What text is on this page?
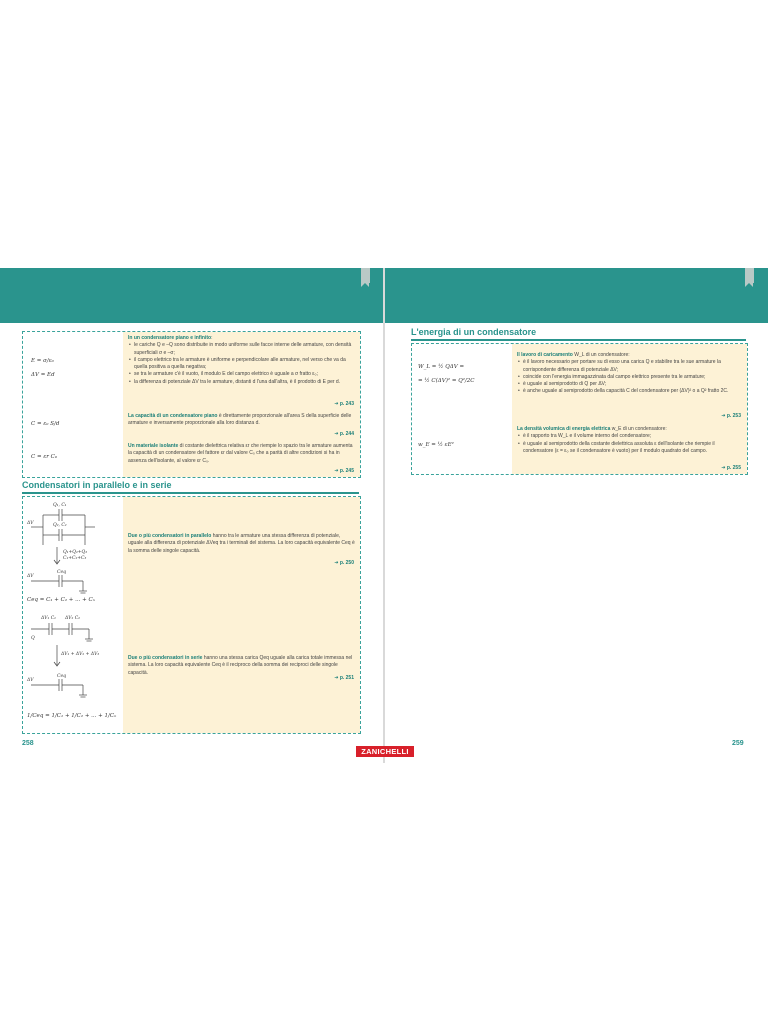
E = σ/ε₀
ΔV = Ed
In un condensatore piano e infinito:
• le cariche Q e –Q sono distribuite in modo uniforme sulle facce interne delle armature, con densità superficiali σ e –σ;
• il campo elettrico tra le armature è uniforme e perpendicolare alle armature, nel verso che va da quella positiva a quella negativa;
• se tra le armature c'è il vuoto, il modulo E del campo elettrico è uguale a σ fratto ε₀;
• la differenza di potenziale ΔV tra le armature, distanti d l'una dall'altra, è il prodotto di E per d.
➜ p. 243
C = ε₀ S/d
La capacità di un condensatore piano è direttamente proporzionale all'area S della superficie delle armature e inversamente proporzionale alla loro distanza d.
➜ p. 244
C = εr C₀
Un materiale isolante di costante dielettrica relativa εr che riempie lo spazio tra le armature aumenta la capacità di un condensatore del fattore εr dal valore C₀ che a parità di altre condizioni si ha in assenza dell'isolante, al valore εr C₀.
➜ p. 245
Condensatori in parallelo e in serie
Q₁, C₁
Q₂, C₂
ΔV
Q₁+Q₂+Q₃
C₁+C₂+C₃
ΔV
Ceq
Ceq = C₁ + C₂ + ... + Cₙ
Due o più condensatori in parallelo hanno tra le armature una stessa differenza di potenziale, uguale alla differenza di potenziale ΔVeq tra i terminali del sistema. La loro capacità equivalente Ceq è la somma delle singole capacità.
➜ p. 250
ΔV₁ C₁ ΔV₂ C₂
Q
ΔV₁ + ΔV₂ + ΔV₃
ΔV
Ceq
1/Ceq = 1/C₁ + 1/C₂ + ... + 1/Cₙ
Due o più condensatori in serie hanno una stessa carica Qeq uguale alla carica totale immessa nel sistema. La loro capacità equivalente Ceq è il reciproco della somma dei reciproci delle singole capacità.
➜ p. 251
258
L'energia di un condensatore
W_L = ½ QΔV =
= ½ C(ΔV)² = Q²/2C
Il lavoro di caricamento W_L di un condensatore:
• è il lavoro necessario per portare su di esso una carica Q e stabilire tra le sue armature la corrispondente differenza di potenziale ΔV;
• coincide con l'energia immagazzinata dal campo elettrico presente tra le armature;
• è uguale al semiprodotto di Q per ΔV;
• è anche uguale al semiprodotto della capacità C del condensatore per (ΔV)² o a Q² fratto 2C.
➜ p. 253
w_E = ½ εE²
La densità volumica di energia elettrica w_E di un condensatore:
• è il rapporto tra W_L e il volume interno del condensatore;
• è uguale al semiprodotto della costante dielettrica assoluta ε dell'isolante che riempie il condensatore (ε = ε₀ se il condensatore è vuoto) per il modulo quadrato del campo.
➜ p. 255
259
ZANICHELLI
